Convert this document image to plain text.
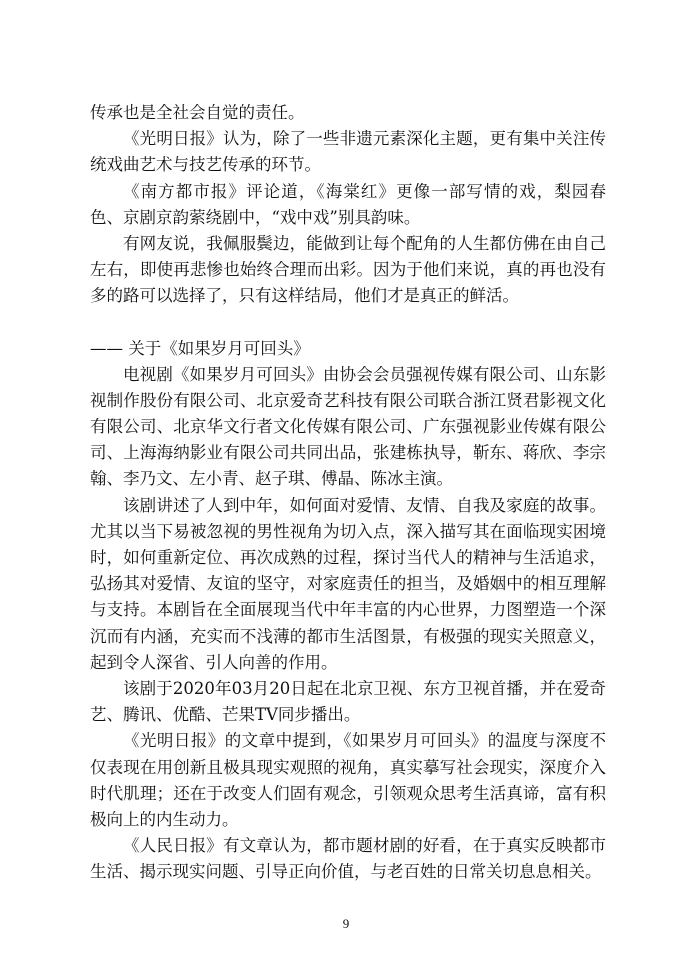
传承也是全社会自觉的责任。
《光明日报》认为，除了一些非遗元素深化主题，更有集中关注传
统戏曲艺术与技艺传承的环节。
《南方都市报》评论道，《海棠红》更像一部写情的戏，梨园春
色、京剧京韵萦绕剧中，“戏中戏”别具韵味。
有网友说，我佩服鬓边，能做到让每个配角的人生都仿佛在由自己
左右，即使再悲惨也始终合理而出彩。因为于他们来说，真的再也没有
多的路可以选择了，只有这样结局，他们才是真正的鲜活。
—— 关于《如果岁月可回头》
电视剧《如果岁月可回头》由协会会员强视传媒有限公司、山东影
视制作股份有限公司、北京爱奇艺科技有限公司联合浙江贤君影视文化
有限公司、北京华文行者文化传媒有限公司、广东强视影业传媒有限公
司、上海海纳影业有限公司共同出品，张建栋执导，靳东、蒋欣、李宗
翰、李乃文、左小青、赵子琪、傅晶、陈冰主演。
该剧讲述了人到中年，如何面对爱情、友情、自我及家庭的故事。
尤其以当下易被忽视的男性视角为切入点，深入描写其在面临现实困境
时，如何重新定位、再次成熟的过程，探讨当代人的精神与生活追求，
弘扬其对爱情、友谊的坚守，对家庭责任的担当，及婚姻中的相互理解
与支持。本剧旨在全面展现当代中年丰富的内心世界，力图塑造一个深
沉而有内涵，充实而不浅薄的都市生活图景，有极强的现实关照意义，
起到令人深省、引人向善的作用。
该剧于2020年03月20日起在北京卫视、东方卫视首播，并在爱奇
艺、腾讯、优酷、芒果TV同步播出。
《光明日报》的文章中提到，《如果岁月可回头》的温度与深度不
仅表现在用创新且极具现实观照的视角，真实摹写社会现实，深度介入
时代肌理；还在于改变人们固有观念，引领观众思考生活真谛，富有积
极向上的内生动力。
《人民日报》有文章认为，都市题材剧的好看，在于真实反映都市
生活、揭示现实问题、引导正向价值，与老百姓的日常关切息息相关。
9
